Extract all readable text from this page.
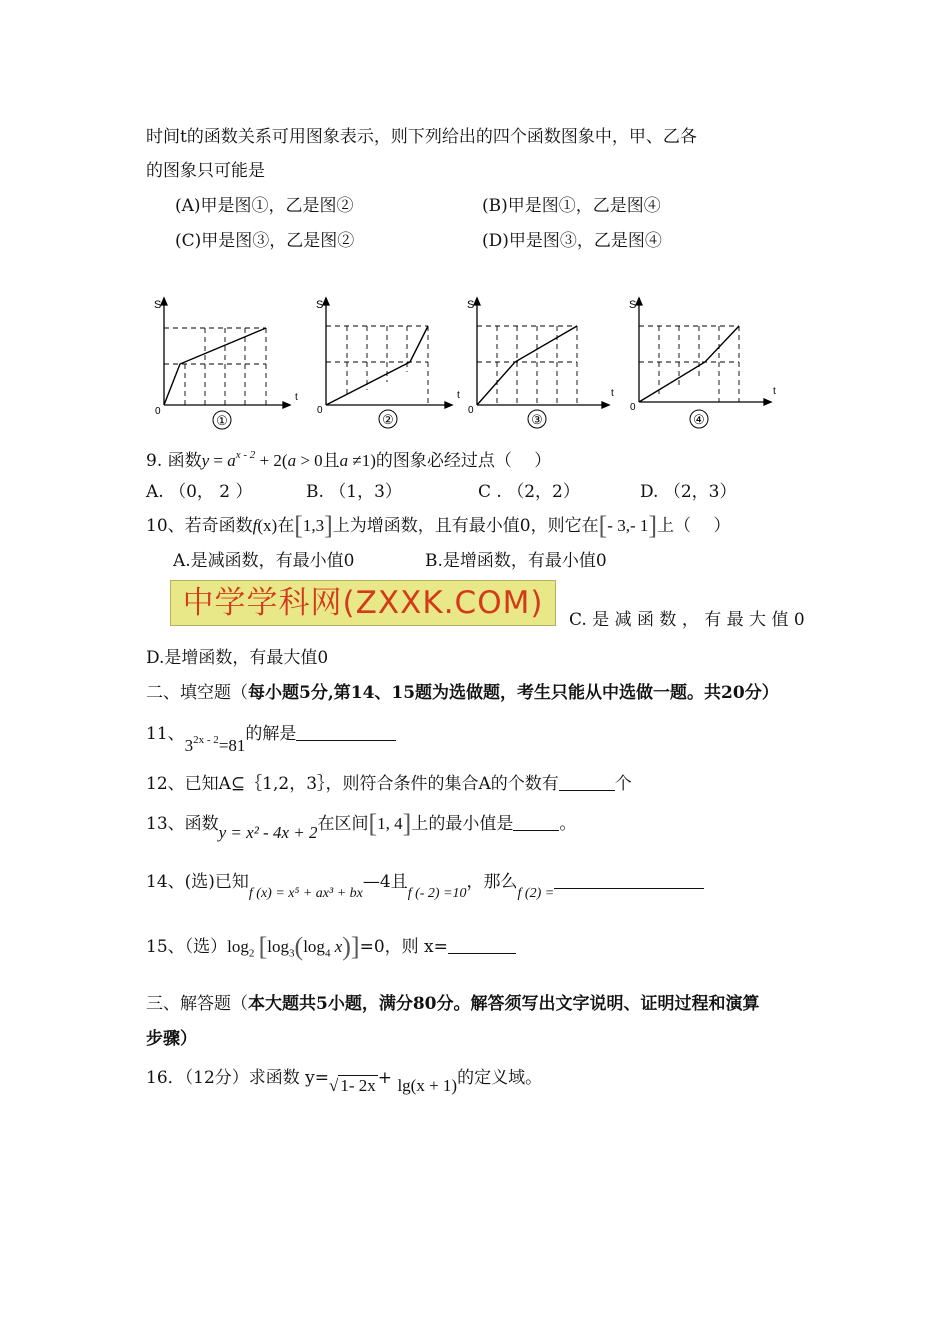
时间t的函数关系可用图象表示，则下列给出的四个函数图象中，甲、乙各
的图象只可能是
(A)甲是图①，乙是图②	(B)甲是图①，乙是图④
(C)甲是图③，乙是图②	(D)甲是图③，乙是图④
S
t
0
①
S
t
0
②
S
t
0
③
S
t
0
④
9. 函数$y = a^{x - 2} + 2(a > 0$且a ≠1)的图象必经过点（　 ）
A. （0， 2 ）	B. （1，3）	C . （2，2）	D. （2，3）
10、若奇函数f(x)在[1,3]上为增函数，且有最小值0，则它在[- 3,- 1]上（　 ）
A.是减函数，有最小值0	B.是增函数，有最小值0
中学学科网(ZXXK.COM)	C. 是 减 函 数 ， 有 最 大 值 0
D.是增函数，有最大值0
二、填空题（每小题5分,第14、15题为选做题，考生只能从中选做一题。共20分）
11、$3^{2x - 2}=81$的解是
12、已知A⊆｛1,2，3｝，则符合条件的集合A的个数有	个
13、函数y = x² - 4x + 2在区间[1, 4]上的最小值是	。
14、(选)已知$_{f (x) = x^5 + ax^3 + bx}$—4且$_{f (- 2) =10}$，那么$_{f (2) =}$
15、（选）$\log_2$ [$\log_3(\log_4$ x)]=0，则 x=
三、解答题（本大题共5小题，满分80分。解答须写出文字说明、证明过程和演算
步骤）
16．（12分）求函数 y=√ 1- 2x + lg(x + 1)的定义域。
